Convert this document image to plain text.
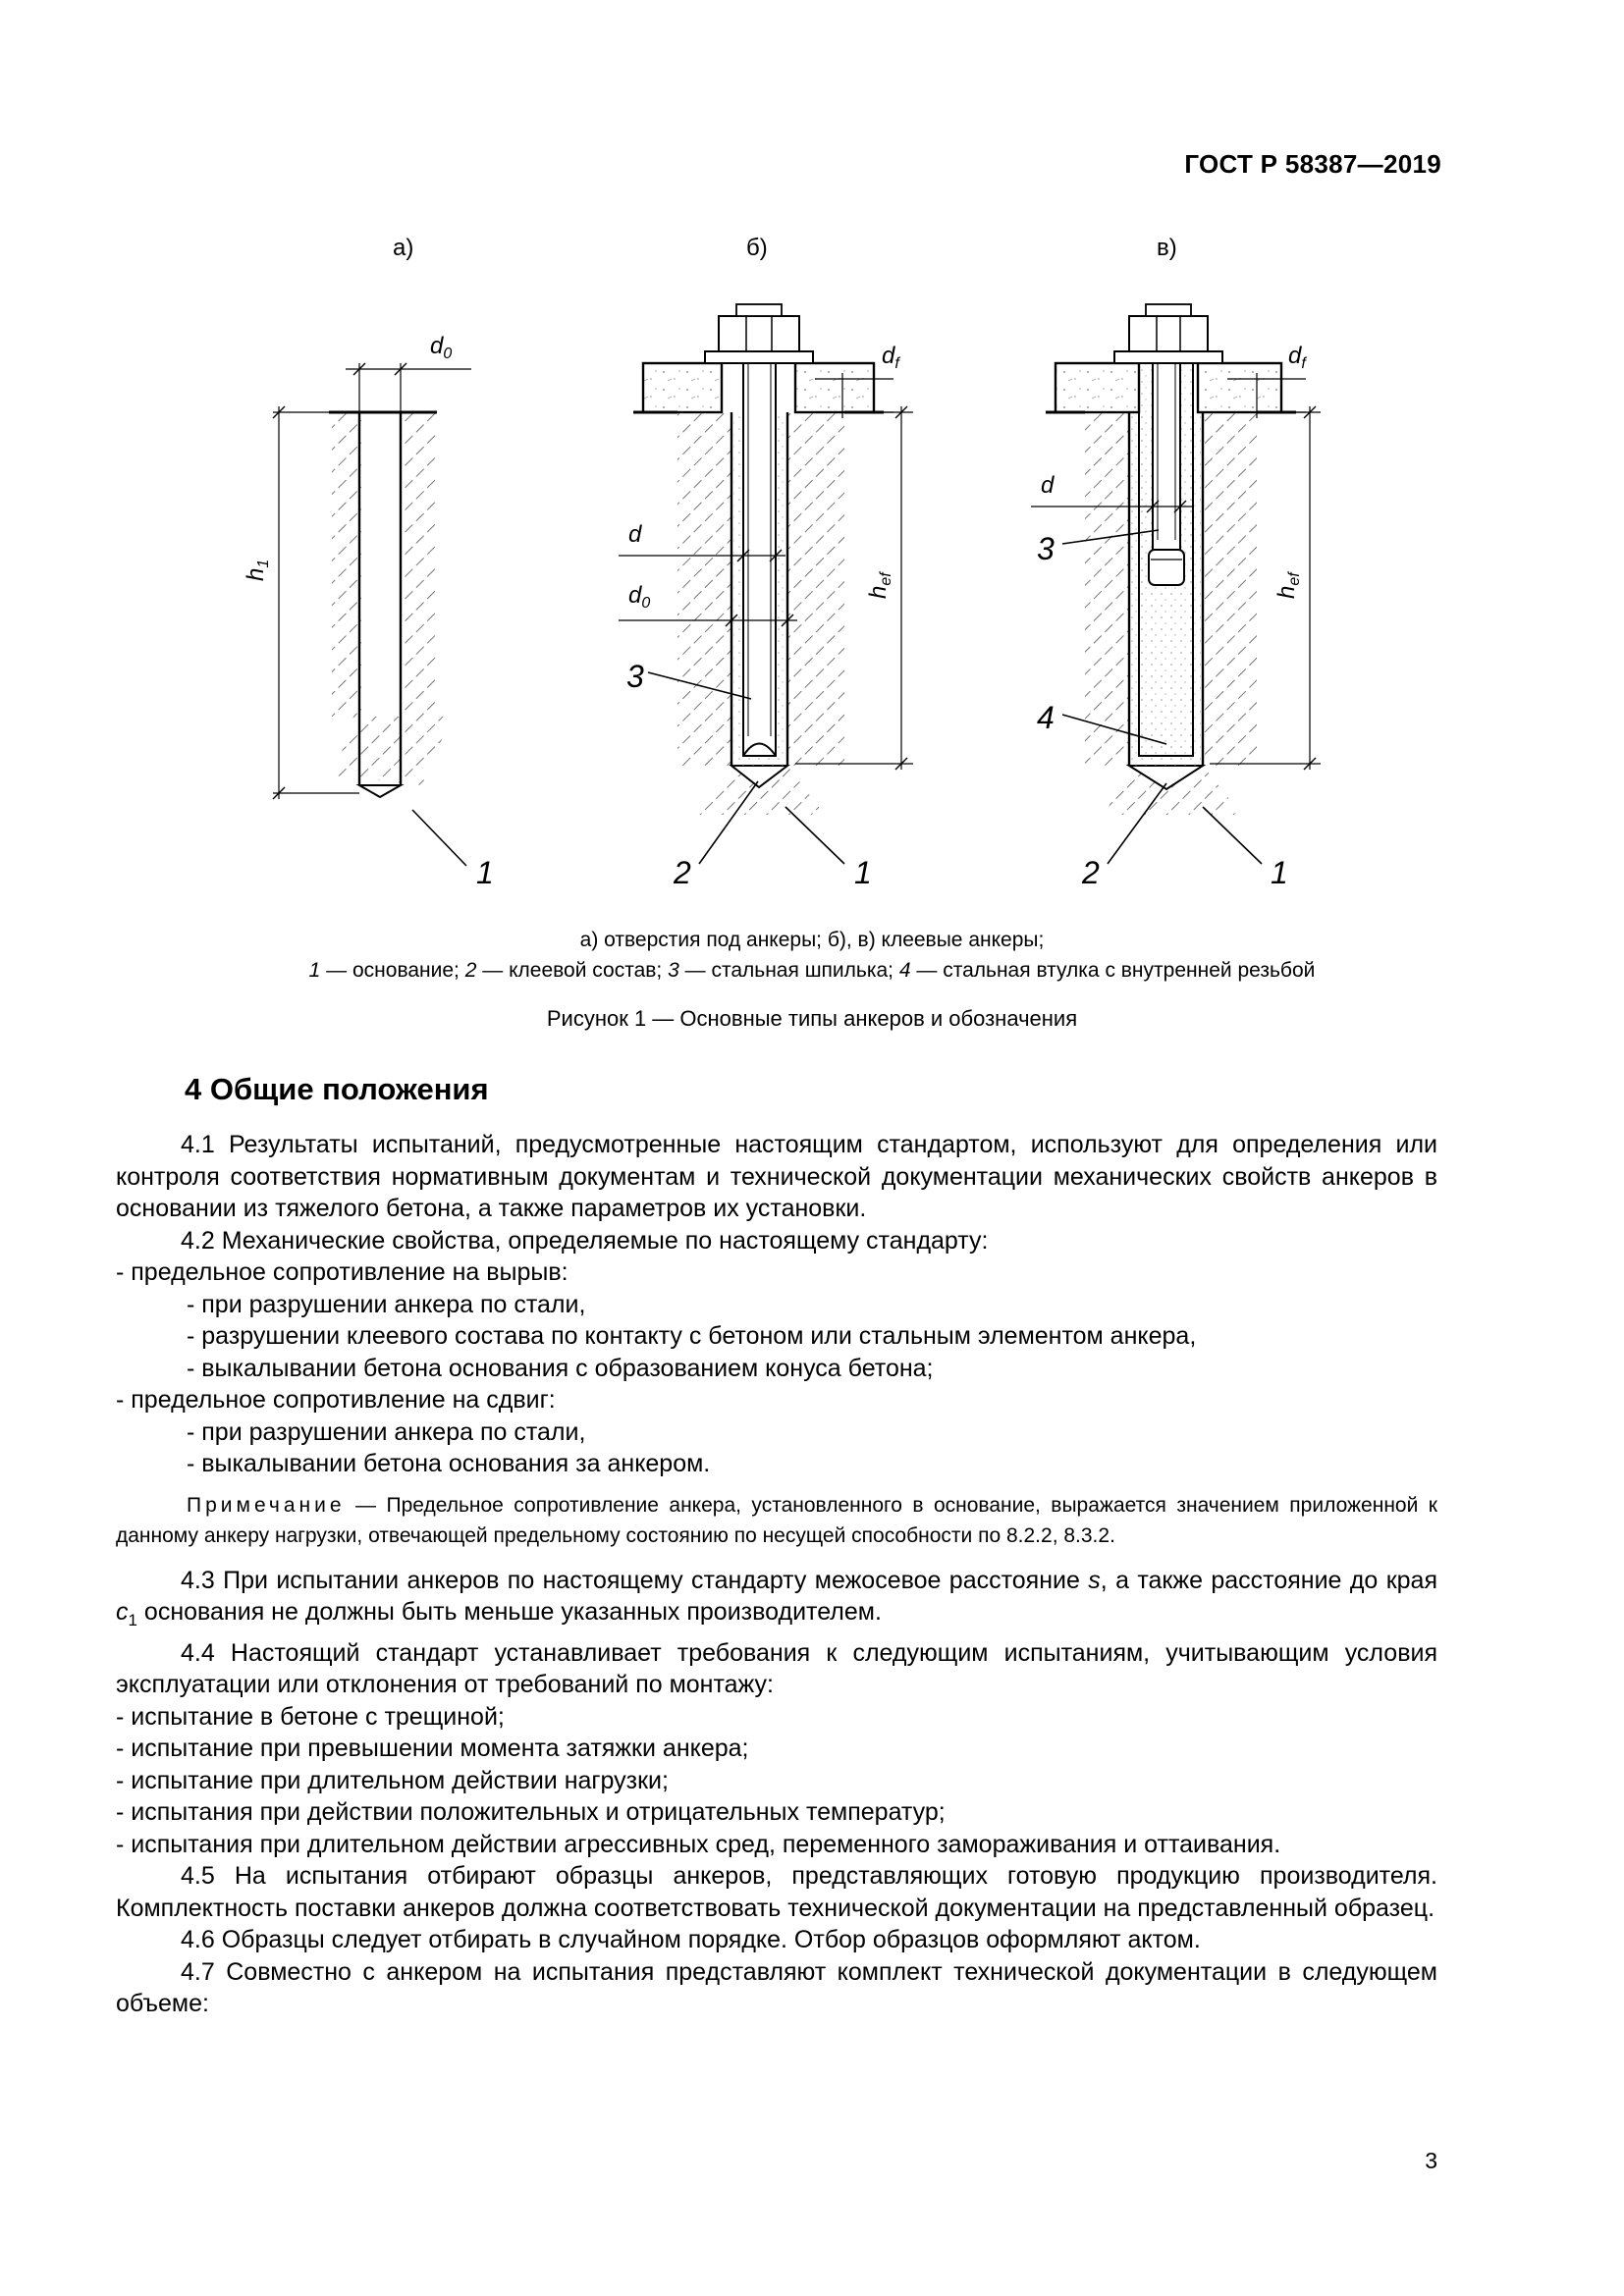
ГОСТ Р 58387—2019
а)	б)	в)
$d_0$
$h_1$
1
$d_f$
d
$d_0$
$h_{ef}$
3
2	1
$d_f$
d
$h_{ef}$
3
4
2	1
а) отверстия под анкеры; б), в) клеевые анкеры;
1 — основание; 2 — клеевой состав; 3 — стальная шпилька; 4 — стальная втулка с внутренней резьбой
Рисунок 1 — Основные типы анкеров и обозначения
4 Общие положения

4.1 Результаты испытаний, предусмотренные настоящим стандартом, используют для определения или контроля соответствия нормативным документам и технической документации механических свойств анкеров в основании из тяжелого бетона, а также параметров их установки.

4.2 Механические свойства, определяемые по настоящему стандарту:

- предельное сопротивление на вырыв:

- при разрушении анкера по стали,

- разрушении клеевого состава по контакту с бетоном или стальным элементом анкера,

- выкалывании бетона основания с образованием конуса бетона;

- предельное сопротивление на сдвиг:

- при разрушении анкера по стали,

- выкалывании бетона основания за анкером.

Примечание — Предельное сопротивление анкера, установленного в основание, выражается значением приложенной к данному анкеру нагрузки, отвечающей предельному состоянию по несущей способности по 8.2.2, 8.3.2.

4.3 При испытании анкеров по настоящему стандарту межосевое расстояние s, а также расстояние до края $c_1$ основания не должны быть меньше указанных производителем.

4.4 Настоящий стандарт устанавливает требования к следующим испытаниям, учитывающим условия эксплуатации или отклонения от требований по монтажу:

- испытание в бетоне с трещиной;

- испытание при превышении момента затяжки анкера;

- испытание при длительном действии нагрузки;

- испытания при действии положительных и отрицательных температур;

- испытания при длительном действии агрессивных сред, переменного замораживания и оттаивания.

4.5 На испытания отбирают образцы анкеров, представляющих готовую продукцию производителя. Комплектность поставки анкеров должна соответствовать технической документации на представленный образец.

4.6 Образцы следует отбирать в случайном порядке. Отбор образцов оформляют актом.

4.7 Совместно с анкером на испытания представляют комплект технической документации в следующем объеме:

3
